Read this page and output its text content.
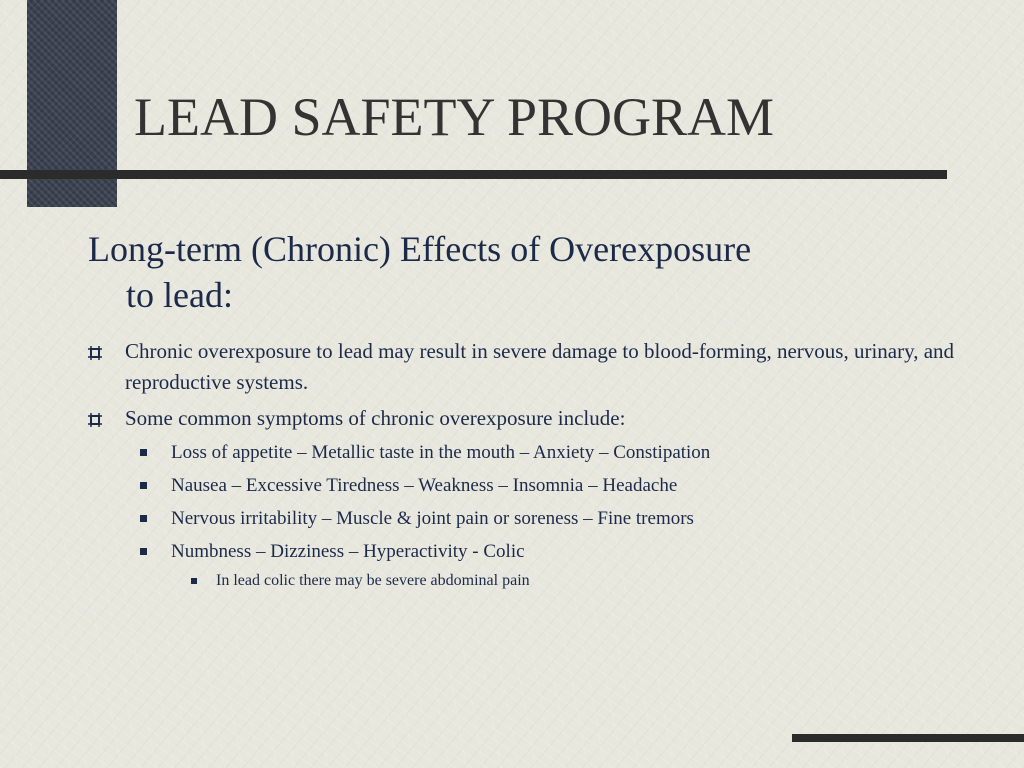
LEAD SAFETY PROGRAM
Long-term (Chronic) Effects of Overexposure
to lead:
Chronic overexposure to lead may result in severe damage to blood-forming, nervous, urinary, and reproductive systems.
Some common symptoms of chronic overexposure include:
Loss of appetite – Metallic taste in the mouth – Anxiety – Constipation
Nausea – Excessive Tiredness – Weakness – Insomnia – Headache
Nervous irritability – Muscle & joint pain or soreness – Fine tremors
Numbness – Dizziness – Hyperactivity - Colic
In lead colic there may be severe abdominal pain
